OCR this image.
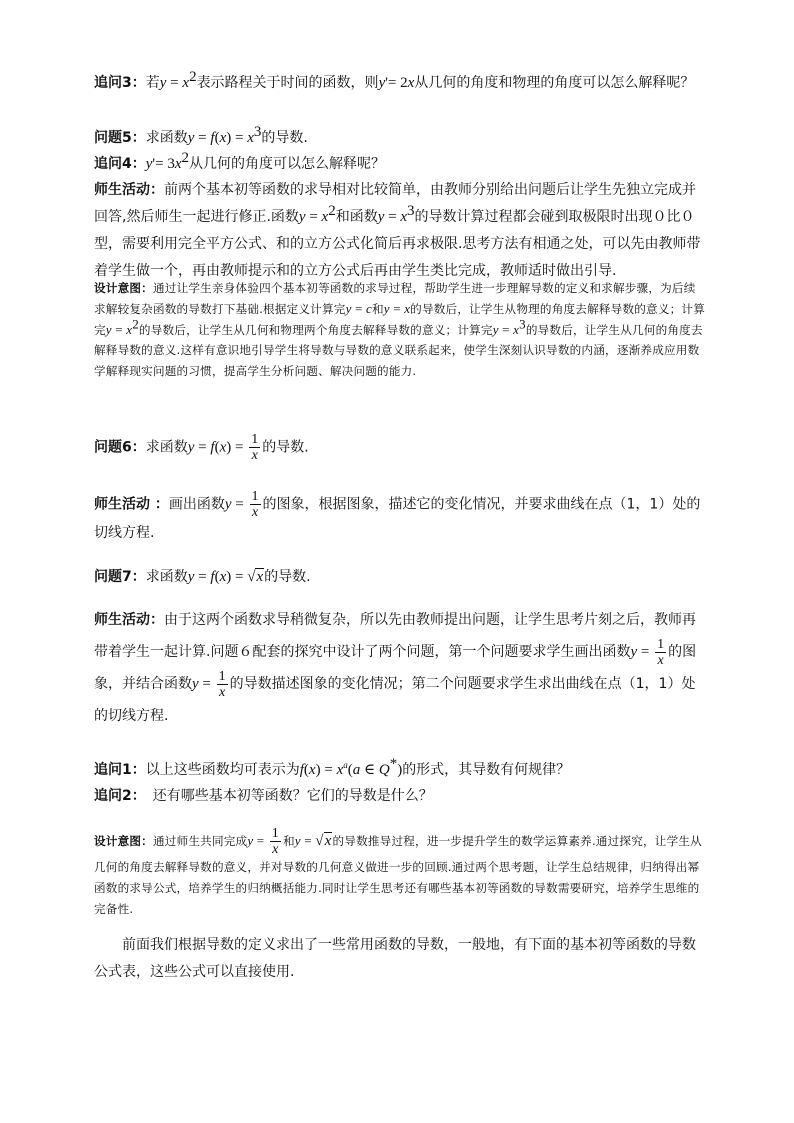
追问3：若$y = x^2$表示路程关于时间的函数，则y'= 2x从几何的角度和物理的角度可以怎么解释呢？

问题5：求函数$y = f(x) = x^3$的导数.

追问4：$y'= 3x^2$从几何的角度可以怎么解释呢？

师生活动：前两个基本初等函数的求导相对比较简单，由教师分别给出问题后让学生先独立完成并回答,然后师生一起进行修正.函数$y = x^2$和函数$y = x^3$的导数计算过程都会碰到取极限时出现０比０型，需要利用完全平方公式、和的立方公式化简后再求极限.思考方法有相通之处，可以先由教师带着学生做一个，再由教师提示和的立方公式后再由学生类比完成，教师适时做出引导.

设计意图：通过让学生亲身体验四个基本初等函数的求导过程，帮助学生进一步理解导数的定义和求解步骤，为后续求解较复杂函数的导数打下基础.根据定义计算完y = c和y = x的导数后，让学生从物理的角度去解释导数的意义；计算完$y = x^2$的导数后，让学生从几何和物理两个角度去解释导数的意义；计算完$y = x^3$的导数后，让学生从几何的角度去解释导数的意义.这样有意识地引导学生将导数与导数的意义联系起来，使学生深刻认识导数的内涵，逐渐养成应用数学解释现实问题的习惯，提高学生分析问题、解决问题的能力.

问题6：求函数$y = f(x) = \frac{1}{x}$ 的导数.

师生活动 ：画出函数$y = \frac{1}{x}$ 的图象，根据图象，描述它的变化情况，并要求曲线在点（1，1）处的切线方程.

问题7：求函数y = f(x) = √x的导数.

师生活动：由于这两个函数求导稍微复杂，所以先由教师提出问题，让学生思考片刻之后，教师再带着学生一起计算.问题６配套的探究中设计了两个问题，第一个问题要求学生画出函数$y = \frac{1}{x}$ 的图象，并结合函数$y = \frac{1}{x}$ 的导数描述图象的变化情况；第二个问题要求学生求出曲线在点（1，1）处的切线方程.

追问1：以上这些函数均可表示为$f(x) = x^a(a$ ∈ Q*)的形式，其导数有何规律？

追问2：　还有哪些基本初等函数？它们的导数是什么？

设计意图：通过师生共同完成$y = \frac{1}{x}$ 和y = √x的导数推导过程，进一步提升学生的数学运算素养.通过探究，让学生从几何的角度去解释导数的意义，并对导数的几何意义做进一步的回顾.通过两个思考题，让学生总结规律，归纳得出幂函数的求导公式，培养学生的归纳概括能力.同时让学生思考还有哪些基本初等函数的导数需要研究，培养学生思维的完备性.

前面我们根据导数的定义求出了一些常用函数的导数，一般地，有下面的基本初等函数的导数公式表，这些公式可以直接使用.
